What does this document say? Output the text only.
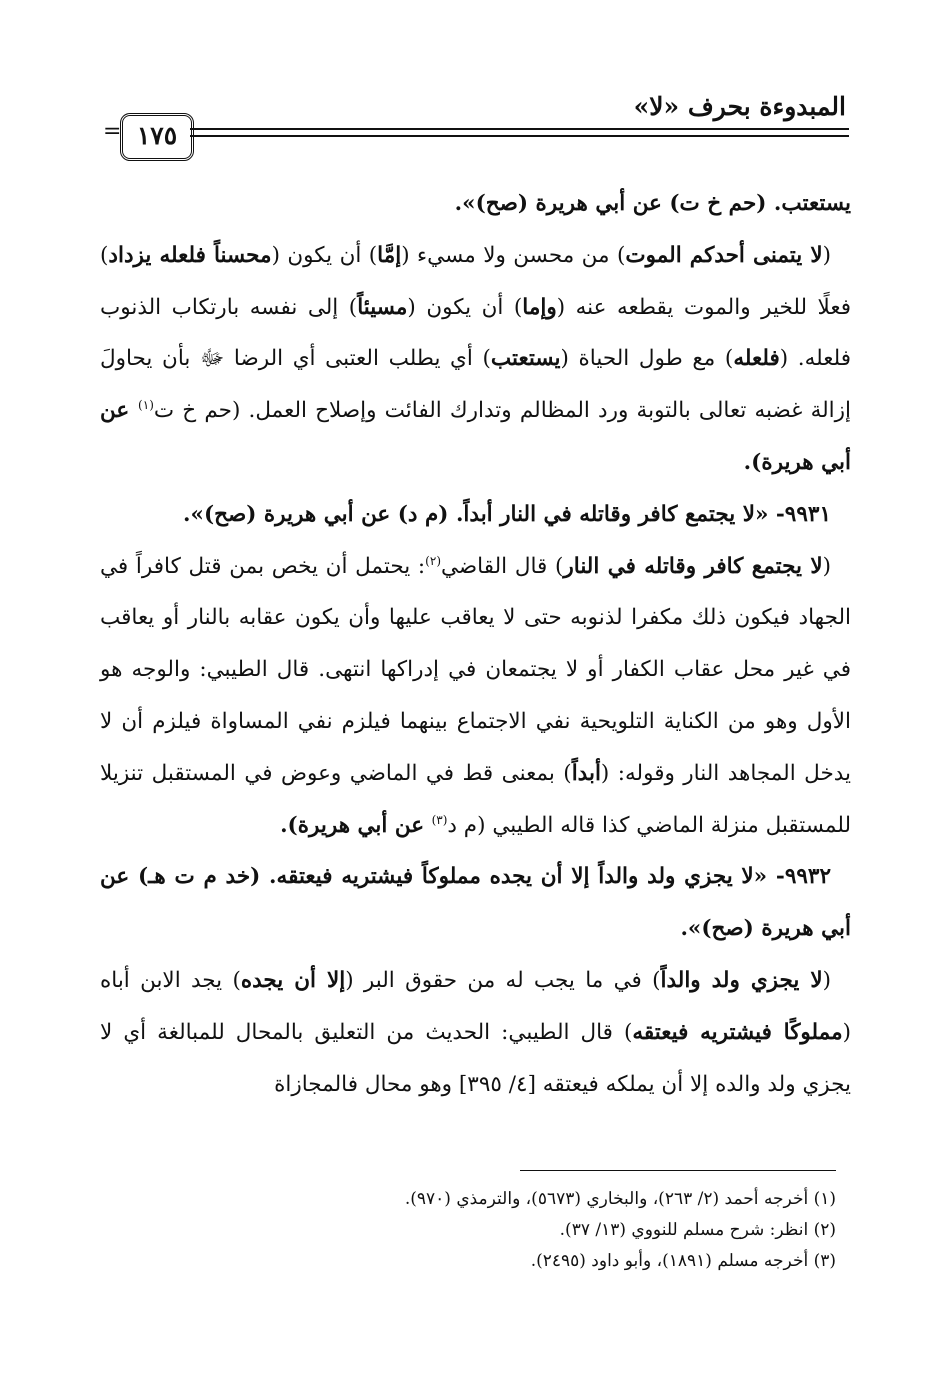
المبدوءة بحرف «لا»
= ١٧٥

يستعتب. (حم خ ت) عن أبي هريرة (صح)».

(لا يتمنى أحدكم الموت) من محسن ولا مسيء (إمَّا) أن يكون (محسناً فلعله يزداد) فعلًا للخير والموت يقطعه عنه (وإما) أن يكون (مسيئاً) إلى نفسه بارتكاب الذنوب فلعله. (فلعله) مع طول الحياة (يستعتب) أي يطلب العتبى أي الرضا ﷻ بأن يحاولَ إزالة غضبه تعالى بالتوبة ورد المظالم وتدارك الفائت وإصلاح العمل. (حم خ ت$^{(١)}$ عن أبي هريرة).

٩٩٣١- «لا يجتمع كافر وقاتله في النار أبداً. (م د) عن أبي هريرة (صح)».

(لا يجتمع كافر وقاتله في النار) قال القاضي$^{(٢)}$: يحتمل أن يخص بمن قتل كافراً في الجهاد فيكون ذلك مكفرا لذنوبه حتى لا يعاقب عليها وأن يكون عقابه بالنار أو يعاقب في غير محل عقاب الكفار أو لا يجتمعان في إدراكها انتهى. قال الطيبي: والوجه هو الأول وهو من الكناية التلويحية نفي الاجتماع بينهما فيلزم نفي المساواة فيلزم أن لا يدخل المجاهد النار وقوله: (أبداً) بمعنى قط في الماضي وعوض في المستقبل تنزيلا للمستقبل منزلة الماضي كذا قاله الطيبي (م د$^{(٣)}$ عن أبي هريرة).

٩٩٣٢- «لا يجزي ولد والداً إلا أن يجده مملوكاً فيشتريه فيعتقه. (خد م ت هـ) عن أبي هريرة (صح)».

(لا يجزي ولد والداً) في ما يجب له من حقوق البر (إلا أن يجده) يجد الابن أباه (مملوكًا فيشتريه فيعتقه) قال الطيبي: الحديث من التعليق بالمحال للمبالغة أي لا يجزي ولد والده إلا أن يملكه فيعتقه [٤/ ٣٩٥] وهو محال فالمجازاة

(١) أخرجه أحمد (٢/ ٢٦٣)، والبخاري (٥٦٧٣)، والترمذي (٩٧٠).

(٢) انظر: شرح مسلم للنووي (١٣/ ٣٧).

(٣) أخرجه مسلم (١٨٩١)، وأبو داود (٢٤٩٥).
